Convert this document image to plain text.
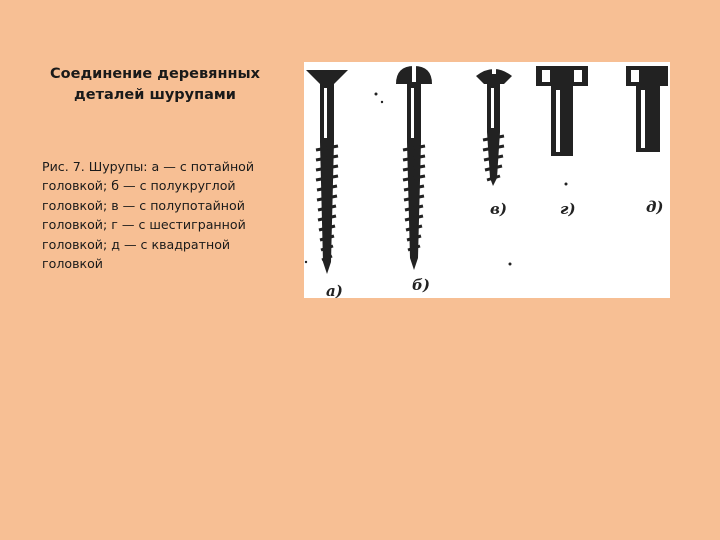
Соединение деревянных
деталей шурупами
Рис. 7. Шурупы: а — с потайной
головкой; б — с полукруглой
головкой; в — с полупотайной
головкой; г — с шестигранной
головкой; д — с квадратной
головкой
а)	б)
в)	г)	д)
